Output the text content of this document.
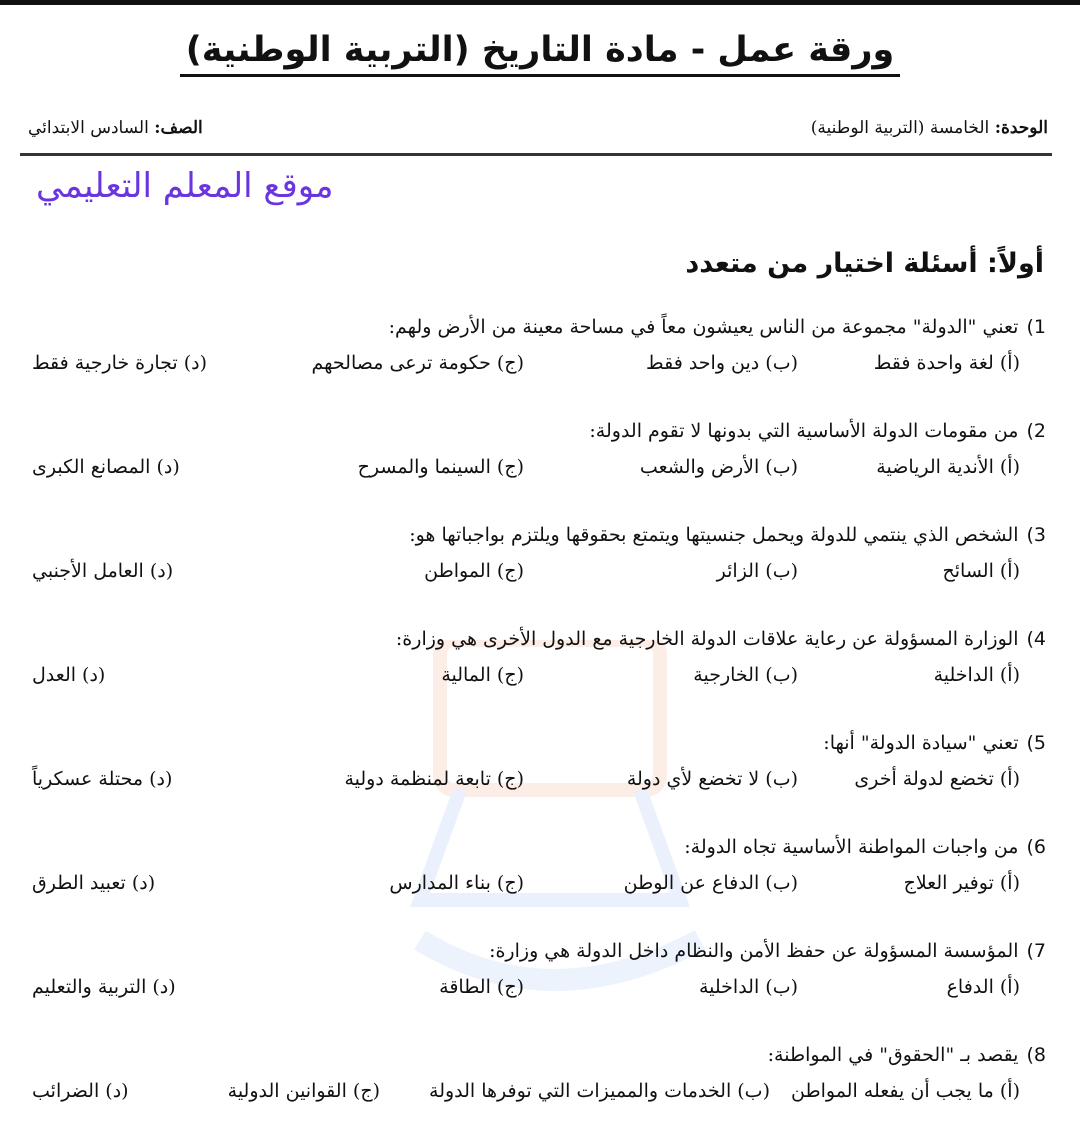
ورقة عمل - مادة التاريخ (التربية الوطنية)
الوحدة: الخامسة (التربية الوطنية)
الصف: السادس الابتدائي
موقع المعلم التعليمي
أولاً: أسئلة اختيار من متعدد
1)تعني "الدولة" مجموعة من الناس يعيشون معاً في مساحة معينة من الأرض ولهم:
(أ) لغة واحدة فقط
(ب) دين واحد فقط
(ج) حكومة ترعى مصالحهم
(د) تجارة خارجية فقط
2)من مقومات الدولة الأساسية التي بدونها لا تقوم الدولة:
(أ) الأندية الرياضية
(ب) الأرض والشعب
(ج) السينما والمسرح
(د) المصانع الكبرى
3)الشخص الذي ينتمي للدولة ويحمل جنسيتها ويتمتع بحقوقها ويلتزم بواجباتها هو:
(أ) السائح
(ب) الزائر
(ج) المواطن
(د) العامل الأجنبي
4)الوزارة المسؤولة عن رعاية علاقات الدولة الخارجية مع الدول الأخرى هي وزارة:
(أ) الداخلية
(ب) الخارجية
(ج) المالية
(د) العدل
5)تعني "سيادة الدولة" أنها:
(أ) تخضع لدولة أخرى
(ب) لا تخضع لأي دولة
(ج) تابعة لمنظمة دولية
(د) محتلة عسكرياً
6)من واجبات المواطنة الأساسية تجاه الدولة:
(أ) توفير العلاج
(ب) الدفاع عن الوطن
(ج) بناء المدارس
(د) تعبيد الطرق
7)المؤسسة المسؤولة عن حفظ الأمن والنظام داخل الدولة هي وزارة:
(أ) الدفاع
(ب) الداخلية
(ج) الطاقة
(د) التربية والتعليم
8)يقصد بـ "الحقوق" في المواطنة:
(أ) ما يجب أن يفعله المواطن
(ب) الخدمات والمميزات التي توفرها الدولة
(ج) القوانين الدولية
(د) الضرائب
